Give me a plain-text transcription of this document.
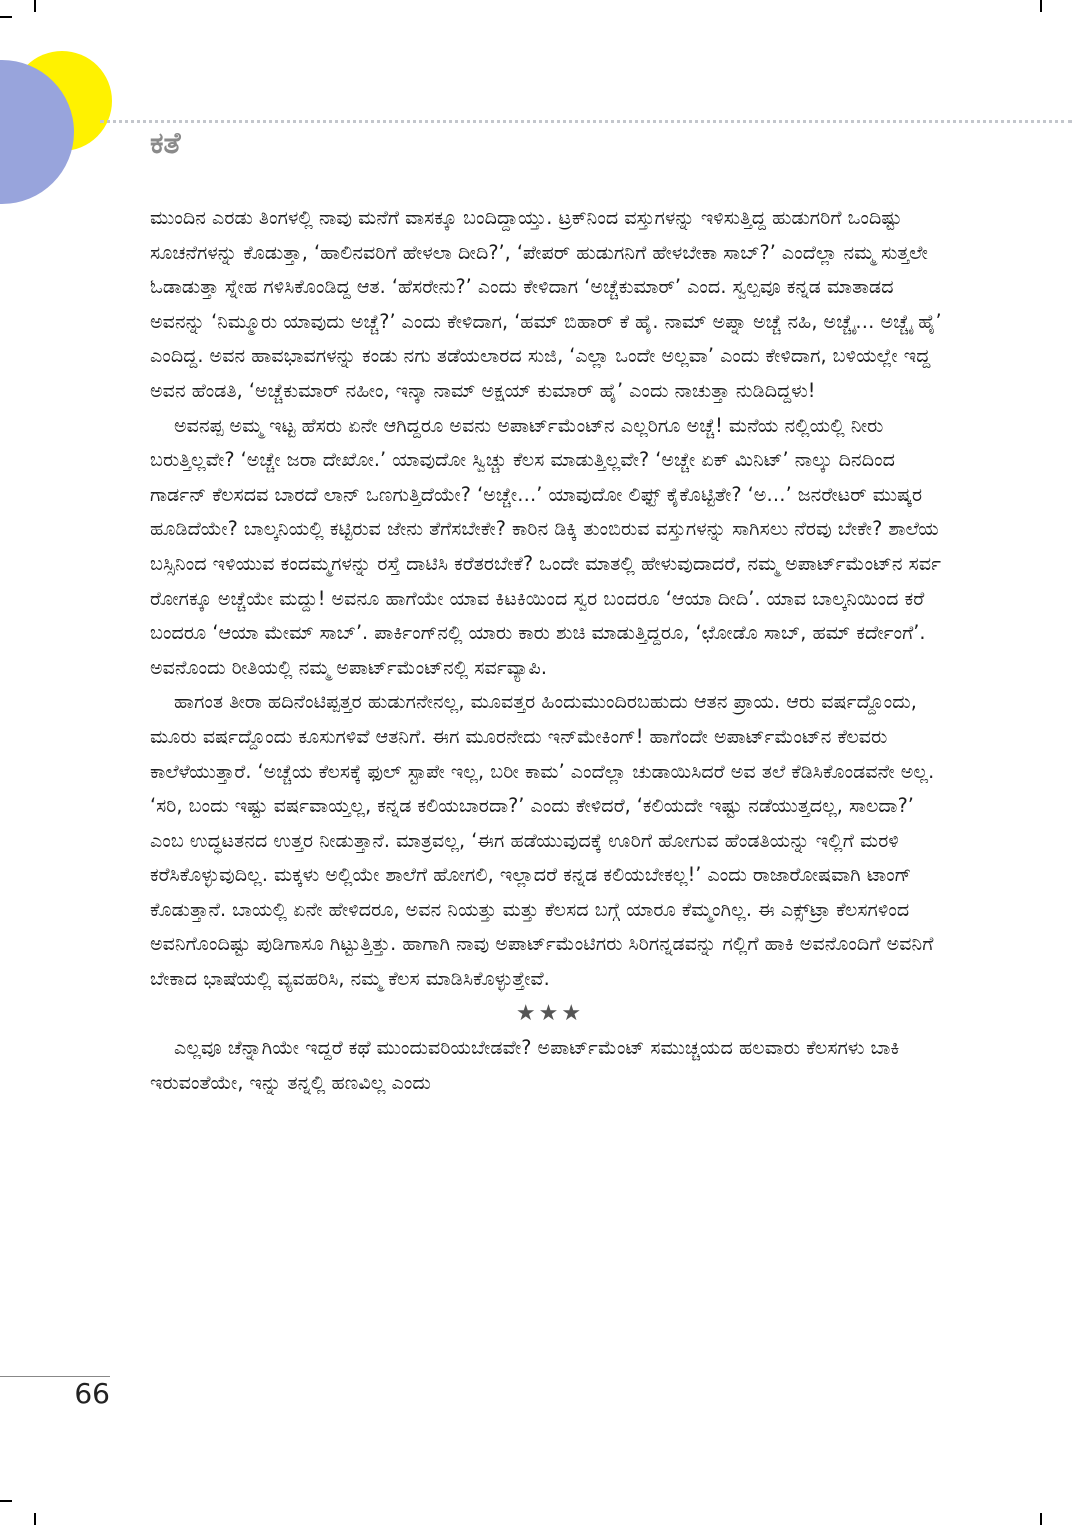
ಕತೆ

ಮುಂದಿನ ಎರಡು ತಿಂಗಳಲ್ಲಿ ನಾವು ಮನೆಗೆ ವಾಸಕ್ಕೂ ಬಂದಿದ್ದಾಯ್ತು. ಟ್ರಕ್‌ನಿಂದ ವಸ್ತುಗಳನ್ನು ಇಳಿಸುತ್ತಿದ್ದ ಹುಡುಗರಿಗೆ ಒಂದಿಷ್ಟು ಸೂಚನೆಗಳನ್ನು ಕೊಡುತ್ತಾ, ‘ಹಾಲಿನವರಿಗೆ ಹೇಳಲಾ ದೀದಿ?’, ‘ಪೇಪರ್ ಹುಡುಗನಿಗೆ ಹೇಳಬೇಕಾ ಸಾಬ್?’ ಎಂದೆಲ್ಲಾ ನಮ್ಮ ಸುತ್ತಲೇ ಓಡಾಡುತ್ತಾ ಸ್ನೇಹ ಗಳಿಸಿಕೊಂಡಿದ್ದ ಆತ. ‘ಹೆಸರೇನು?’ ಎಂದು ಕೇಳಿದಾಗ ‘ಅಚ್ಚೆಕುಮಾರ್’ ಎಂದ. ಸ್ವಲ್ಪವೂ ಕನ್ನಡ ಮಾತಾಡದ ಅವನನ್ನು ‘ನಿಮ್ಮೂರು ಯಾವುದು ಅಚ್ಚೆ?’ ಎಂದು ಕೇಳಿದಾಗ, ‘ಹಮ್ ಬಿಹಾರ್ ಕೆ ಹೈ. ನಾಮ್ ಅಪ್ನಾ ಅಚ್ಚೆ ನಹಿ, ಅಚ್ಚೈ… ಅಚ್ಚೈ ಹೈ’ ಎಂದಿದ್ದ. ಅವನ ಹಾವಭಾವಗಳನ್ನು ಕಂಡು ನಗು ತಡೆಯಲಾರದ ಸುಜಿ, ‘ಎಲ್ಲಾ ಒಂದೇ ಅಲ್ಲವಾ’ ಎಂದು ಕೇಳಿದಾಗ, ಬಳಿಯಲ್ಲೇ ಇದ್ದ ಅವನ ಹೆಂಡತಿ, ‘ಅಚ್ಚೆಕುಮಾರ್ ನಹೀಂ, ಇನ್ಕಾ ನಾಮ್ ಅಕ್ಷಯ್ ಕುಮಾರ್ ಹೈ’ ಎಂದು ನಾಚುತ್ತಾ ನುಡಿದಿದ್ದಳು!

ಅವನಪ್ಪ ಅಮ್ಮ ಇಟ್ಟ ಹೆಸರು ಏನೇ ಆಗಿದ್ದರೂ ಅವನು ಅಪಾರ್ಟ್‌ಮೆಂಟ್‌ನ ಎಲ್ಲರಿಗೂ ಅಚ್ಚೆ! ಮನೆಯ ನಲ್ಲಿಯಲ್ಲಿ ನೀರು ಬರುತ್ತಿಲ್ಲವೇ? ‘ಅಚ್ಚೇ ಜರಾ ದೇಖೋ.’ ಯಾವುದೋ ಸ್ವಿಚ್ಚು ಕೆಲಸ ಮಾಡುತ್ತಿಲ್ಲವೇ? ‘ಅಚ್ಚೇ ಏಕ್ ಮಿನಿಟ್’ ನಾಲ್ಕು ದಿನದಿಂದ ಗಾರ್ಡನ್ ಕೆಲಸದವ ಬಾರದೆ ಲಾನ್ ಒಣಗುತ್ತಿದೆಯೇ? ‘ಅಚ್ಚೇ…’ ಯಾವುದೋ ಲಿಫ್ಟ್ ಕೈಕೊಟ್ಟಿತೇ? ‘ಅ…’ ಜನರೇಟರ್ ಮುಷ್ಕರ ಹೂಡಿದೆಯೇ? ಬಾಲ್ಕನಿಯಲ್ಲಿ ಕಟ್ಟಿರುವ ಜೇನು ತೆಗೆಸಬೇಕೇ? ಕಾರಿನ ಡಿಕ್ಕಿ ತುಂಬಿರುವ ವಸ್ತುಗಳನ್ನು ಸಾಗಿಸಲು ನೆರವು ಬೇಕೇ? ಶಾಲೆಯ ಬಸ್ಸಿನಿಂದ ಇಳಿಯುವ ಕಂದಮ್ಮಗಳನ್ನು ರಸ್ತೆ ದಾಟಿಸಿ ಕರೆತರಬೇಕೆ? ಒಂದೇ ಮಾತಲ್ಲಿ ಹೇಳುವುದಾದರೆ, ನಮ್ಮ ಅಪಾರ್ಟ್‌ಮೆಂಟ್‌ನ ಸರ್ವ ರೋಗಕ್ಕೂ ಅಚ್ಚೆಯೇ ಮದ್ದು! ಅವನೂ ಹಾಗೆಯೇ ಯಾವ ಕಿಟಕಿಯಿಂದ ಸ್ವರ ಬಂದರೂ ‘ಆಯಾ ದೀದಿ’. ಯಾವ ಬಾಲ್ಕನಿಯಿಂದ ಕರೆ ಬಂದರೂ ‘ಆಯಾ ಮೇಮ್ ಸಾಬ್’. ಪಾರ್ಕಿಂಗ್‌ನಲ್ಲಿ ಯಾರು ಕಾರು ಶುಚಿ ಮಾಡುತ್ತಿದ್ದರೂ, ‘ಛೋಡೊ ಸಾಬ್, ಹಮ್ ಕರ್ದೇಂಗೆ’. ಅವನೊಂದು ರೀತಿಯಲ್ಲಿ ನಮ್ಮ ಅಪಾರ್ಟ್‌ಮೆಂಟ್‌ನಲ್ಲಿ ಸರ್ವವ್ಯಾಪಿ.

ಹಾಗಂತ ತೀರಾ ಹದಿನೆಂಟಿಪ್ಪತ್ತರ ಹುಡುಗನೇನಲ್ಲ, ಮೂವತ್ತರ ಹಿಂದುಮುಂದಿರಬಹುದು ಆತನ ಪ್ರಾಯ. ಆರು ವರ್ಷದ್ದೊಂದು, ಮೂರು ವರ್ಷದ್ದೊಂದು ಕೂಸುಗಳಿವೆ ಆತನಿಗೆ. ಈಗ ಮೂರನೇದು ಇನ್‌ಮೇಕಿಂಗ್! ಹಾಗೆಂದೇ ಅಪಾರ್ಟ್‌ಮೆಂಟ್‌ನ ಕೆಲವರು ಕಾಲೆಳೆಯುತ್ತಾರೆ. ‘ಅಚ್ಚೆಯ ಕೆಲಸಕ್ಕೆ ಫುಲ್ ಸ್ಟಾಪೇ ಇಲ್ಲ, ಬರೀ ಕಾಮ’ ಎಂದೆಲ್ಲಾ ಚುಡಾಯಿಸಿದರೆ ಅವ ತಲೆ ಕೆಡಿಸಿಕೊಂಡವನೇ ಅಲ್ಲ. ‘ಸರಿ, ಬಂದು ಇಷ್ಟು ವರ್ಷವಾಯ್ತಲ್ಲ, ಕನ್ನಡ ಕಲಿಯಬಾರದಾ?’ ಎಂದು ಕೇಳಿದರೆ, ‘ಕಲಿಯದೇ ಇಷ್ಟು ನಡೆಯುತ್ತದಲ್ಲ, ಸಾಲದಾ?’ ಎಂಬ ಉದ್ಧಟತನದ ಉತ್ತರ ನೀಡುತ್ತಾನೆ. ಮಾತ್ರವಲ್ಲ, ‘ಈಗ ಹಡೆಯುವುದಕ್ಕೆ ಊರಿಗೆ ಹೋಗುವ ಹೆಂಡತಿಯನ್ನು ಇಲ್ಲಿಗೆ ಮರಳಿ ಕರೆಸಿಕೊಳ್ಳುವುದಿಲ್ಲ. ಮಕ್ಕಳು ಅಲ್ಲಿಯೇ ಶಾಲೆಗೆ ಹೋಗಲಿ, ಇಲ್ಲಾದರೆ ಕನ್ನಡ ಕಲಿಯಬೇಕಲ್ಲ!’ ಎಂದು ರಾಜಾರೋಷವಾಗಿ ಟಾಂಗ್ ಕೊಡುತ್ತಾನೆ. ಬಾಯಲ್ಲಿ ಏನೇ ಹೇಳಿದರೂ, ಅವನ ನಿಯತ್ತು ಮತ್ತು ಕೆಲಸದ ಬಗ್ಗೆ ಯಾರೂ ಕೆಮ್ಮಂಗಿಲ್ಲ. ಈ ಎಕ್ಸ್‌ಟ್ರಾ ಕೆಲಸಗಳಿಂದ ಅವನಿಗೊಂದಿಷ್ಟು ಪುಡಿಗಾಸೂ ಗಿಟ್ಟುತ್ತಿತ್ತು. ಹಾಗಾಗಿ ನಾವು ಅಪಾರ್ಟ್‌ಮೆಂಟಿಗರು ಸಿರಿಗನ್ನಡವನ್ನು ಗಲ್ಲಿಗೆ ಹಾಕಿ ಅವನೊಂದಿಗೆ ಅವನಿಗೆ ಬೇಕಾದ ಭಾಷೆಯಲ್ಲಿ ವ್ಯವಹರಿಸಿ, ನಮ್ಮ ಕೆಲಸ ಮಾಡಿಸಿಕೊಳ್ಳುತ್ತೇವೆ.

★★★

ಎಲ್ಲವೂ ಚೆನ್ನಾಗಿಯೇ ಇದ್ದರೆ ಕಥೆ ಮುಂದುವರಿಯಬೇಡವೇ? ಅಪಾರ್ಟ್‌ಮೆಂಟ್ ಸಮುಚ್ಚಯದ ಹಲವಾರು ಕೆಲಸಗಳು ಬಾಕಿ ಇರುವಂತೆಯೇ, ಇನ್ನು ತನ್ನಲ್ಲಿ ಹಣವಿಲ್ಲ ಎಂದು

66
